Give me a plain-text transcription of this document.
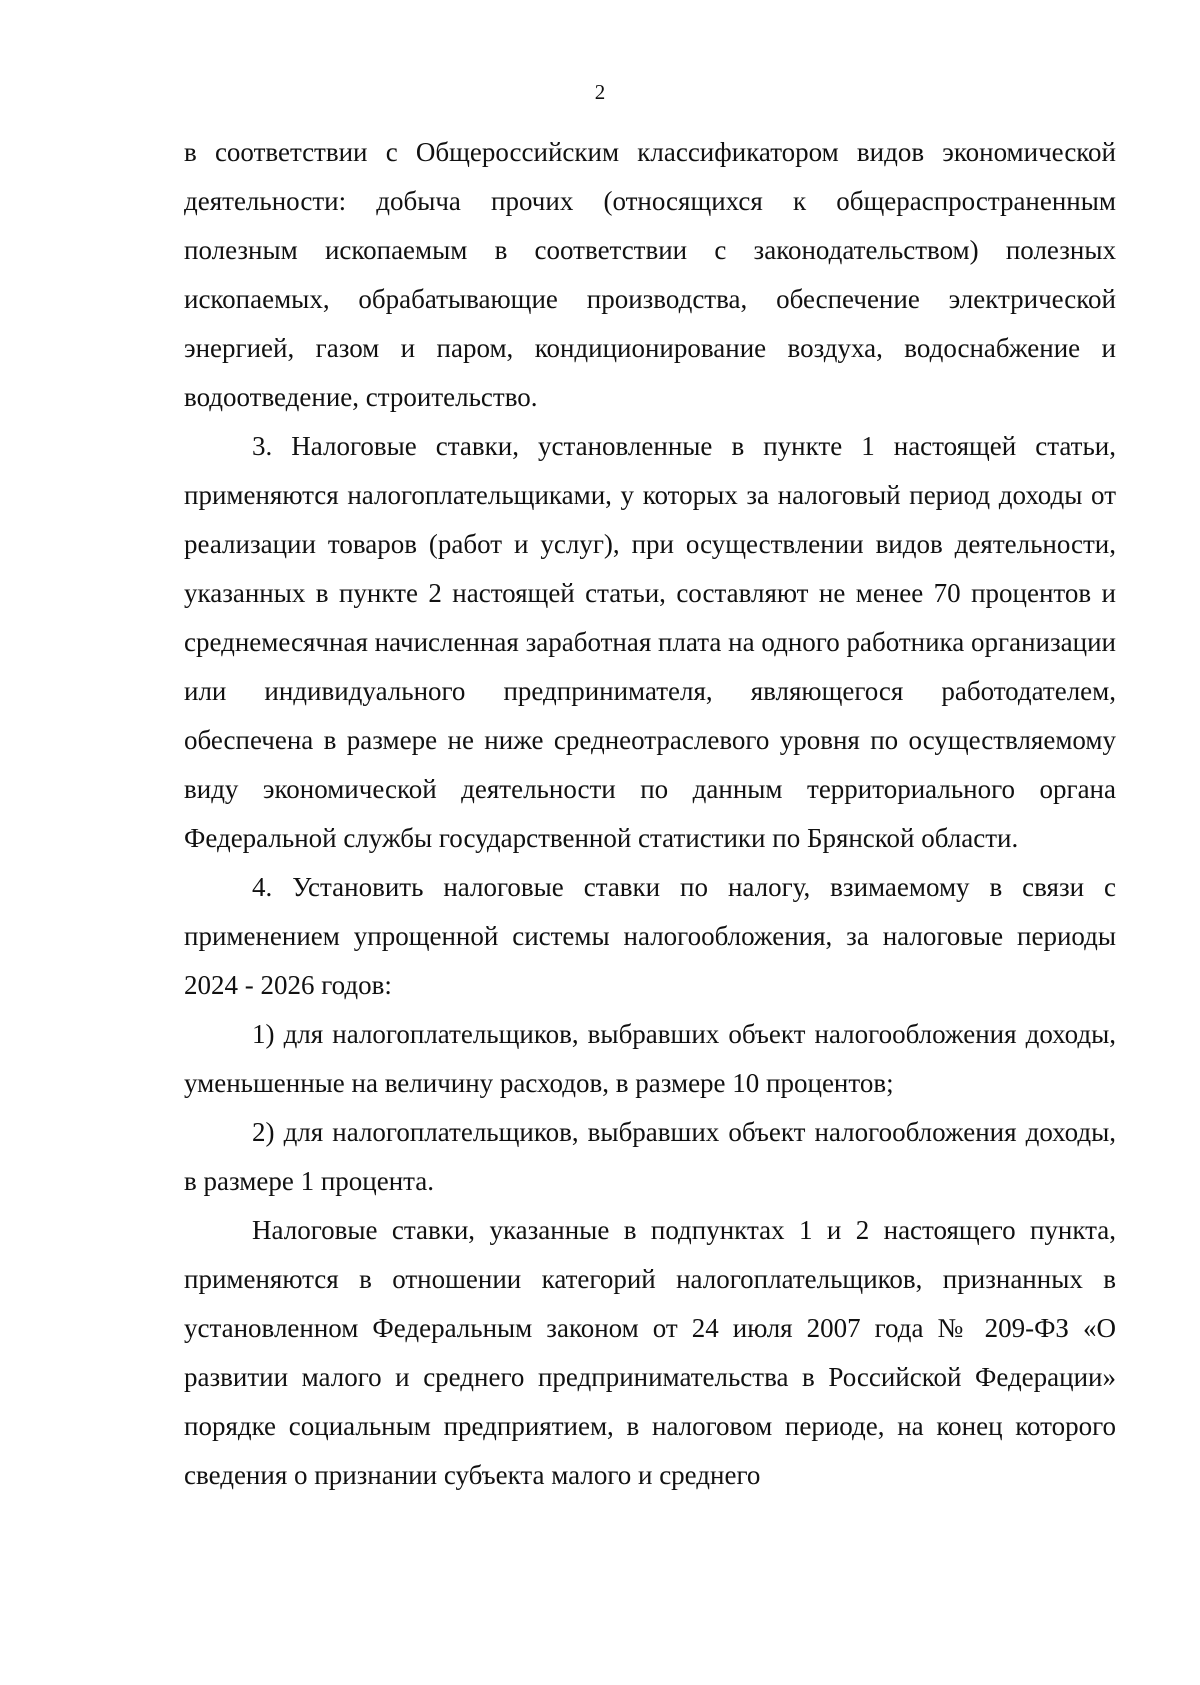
2

в соответствии с Общероссийским классификатором видов экономической деятельности: добыча прочих (относящихся к общераспространенным полезным ископаемым в соответствии с законодательством) полезных ископаемых, обрабатывающие производства, обеспечение электрической энергией, газом и паром, кондиционирование воздуха, водоснабжение и водоотведение, строительство.

3. Налоговые ставки, установленные в пункте 1 настоящей статьи, применяются налогоплательщиками, у которых за налоговый период доходы от реализации товаров (работ и услуг), при осуществлении видов деятельности, указанных в пункте 2 настоящей статьи, составляют не менее 70 процентов и среднемесячная начисленная заработная плата на одного работника организации или индивидуального предпринимателя, являющегося работодателем, обеспечена в размере не ниже среднеотраслевого уровня по осуществляемому виду экономической деятельности по данным территориального органа Федеральной службы государственной статистики по Брянской области.

4. Установить налоговые ставки по налогу, взимаемому в связи с применением упрощенной системы налогообложения, за налоговые периоды 2024 - 2026 годов:

1) для налогоплательщиков, выбравших объект налогообложения доходы, уменьшенные на величину расходов, в размере 10 процентов;

2) для налогоплательщиков, выбравших объект налогообложения доходы, в размере 1 процента.

Налоговые ставки, указанные в подпунктах 1 и 2 настоящего пункта, применяются в отношении категорий налогоплательщиков, признанных в установленном Федеральным законом от 24 июля 2007 года № 209-ФЗ «О развитии малого и среднего предпринимательства в Российской Федерации» порядке социальным предприятием, в налоговом периоде, на конец которого сведения о признании субъекта малого и среднего
